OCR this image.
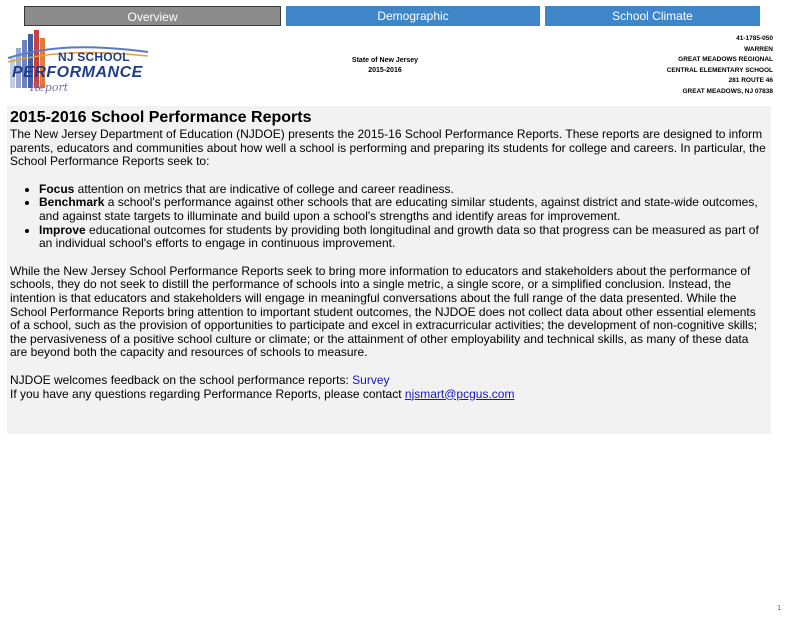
Overview	Demographic	School Climate
NJ SCHOOL
PERFORMANCE
Report
State of New Jersey
2015-2016
41-1785-050
WARREN
GREAT MEADOWS REGIONAL
CENTRAL ELEMENTARY SCHOOL
281 ROUTE 46
GREAT MEADOWS, NJ 07838
2015-2016 School Performance Reports

The New Jersey Department of Education (NJDOE) presents the 2015-16 School Performance Reports. These reports are designed to inform parents, educators and communities about how well a school is performing and preparing its students for college and careers. In particular, the School Performance Reports seek to:

• Focus attention on metrics that are indicative of college and career readiness.
• Benchmark a school's performance against other schools that are educating similar students, against district and state-wide outcomes, and against state targets to illuminate and build upon a school's strengths and identify areas for improvement.
• Improve educational outcomes for students by providing both longitudinal and growth data so that progress can be measured as part of an individual school's efforts to engage in continuous improvement.

While the New Jersey School Performance Reports seek to bring more information to educators and stakeholders about the performance of schools, they do not seek to distill the performance of schools into a single metric, a single score, or a simplified conclusion. Instead, the intention is that educators and stakeholders will engage in meaningful conversations about the full range of the data presented. While the School Performance Reports bring attention to important student outcomes, the NJDOE does not collect data about other essential elements of a school, such as the provision of opportunities to participate and excel in extracurricular activities; the development of non-cognitive skills; the pervasiveness of a positive school culture or climate; or the attainment of other employability and technical skills, as many of these data are beyond both the capacity and resources of schools to measure.

NJDOE welcomes feedback on the school performance reports: Survey

If you have any questions regarding Performance Reports, please contact njsmart@pcgus.com

1
